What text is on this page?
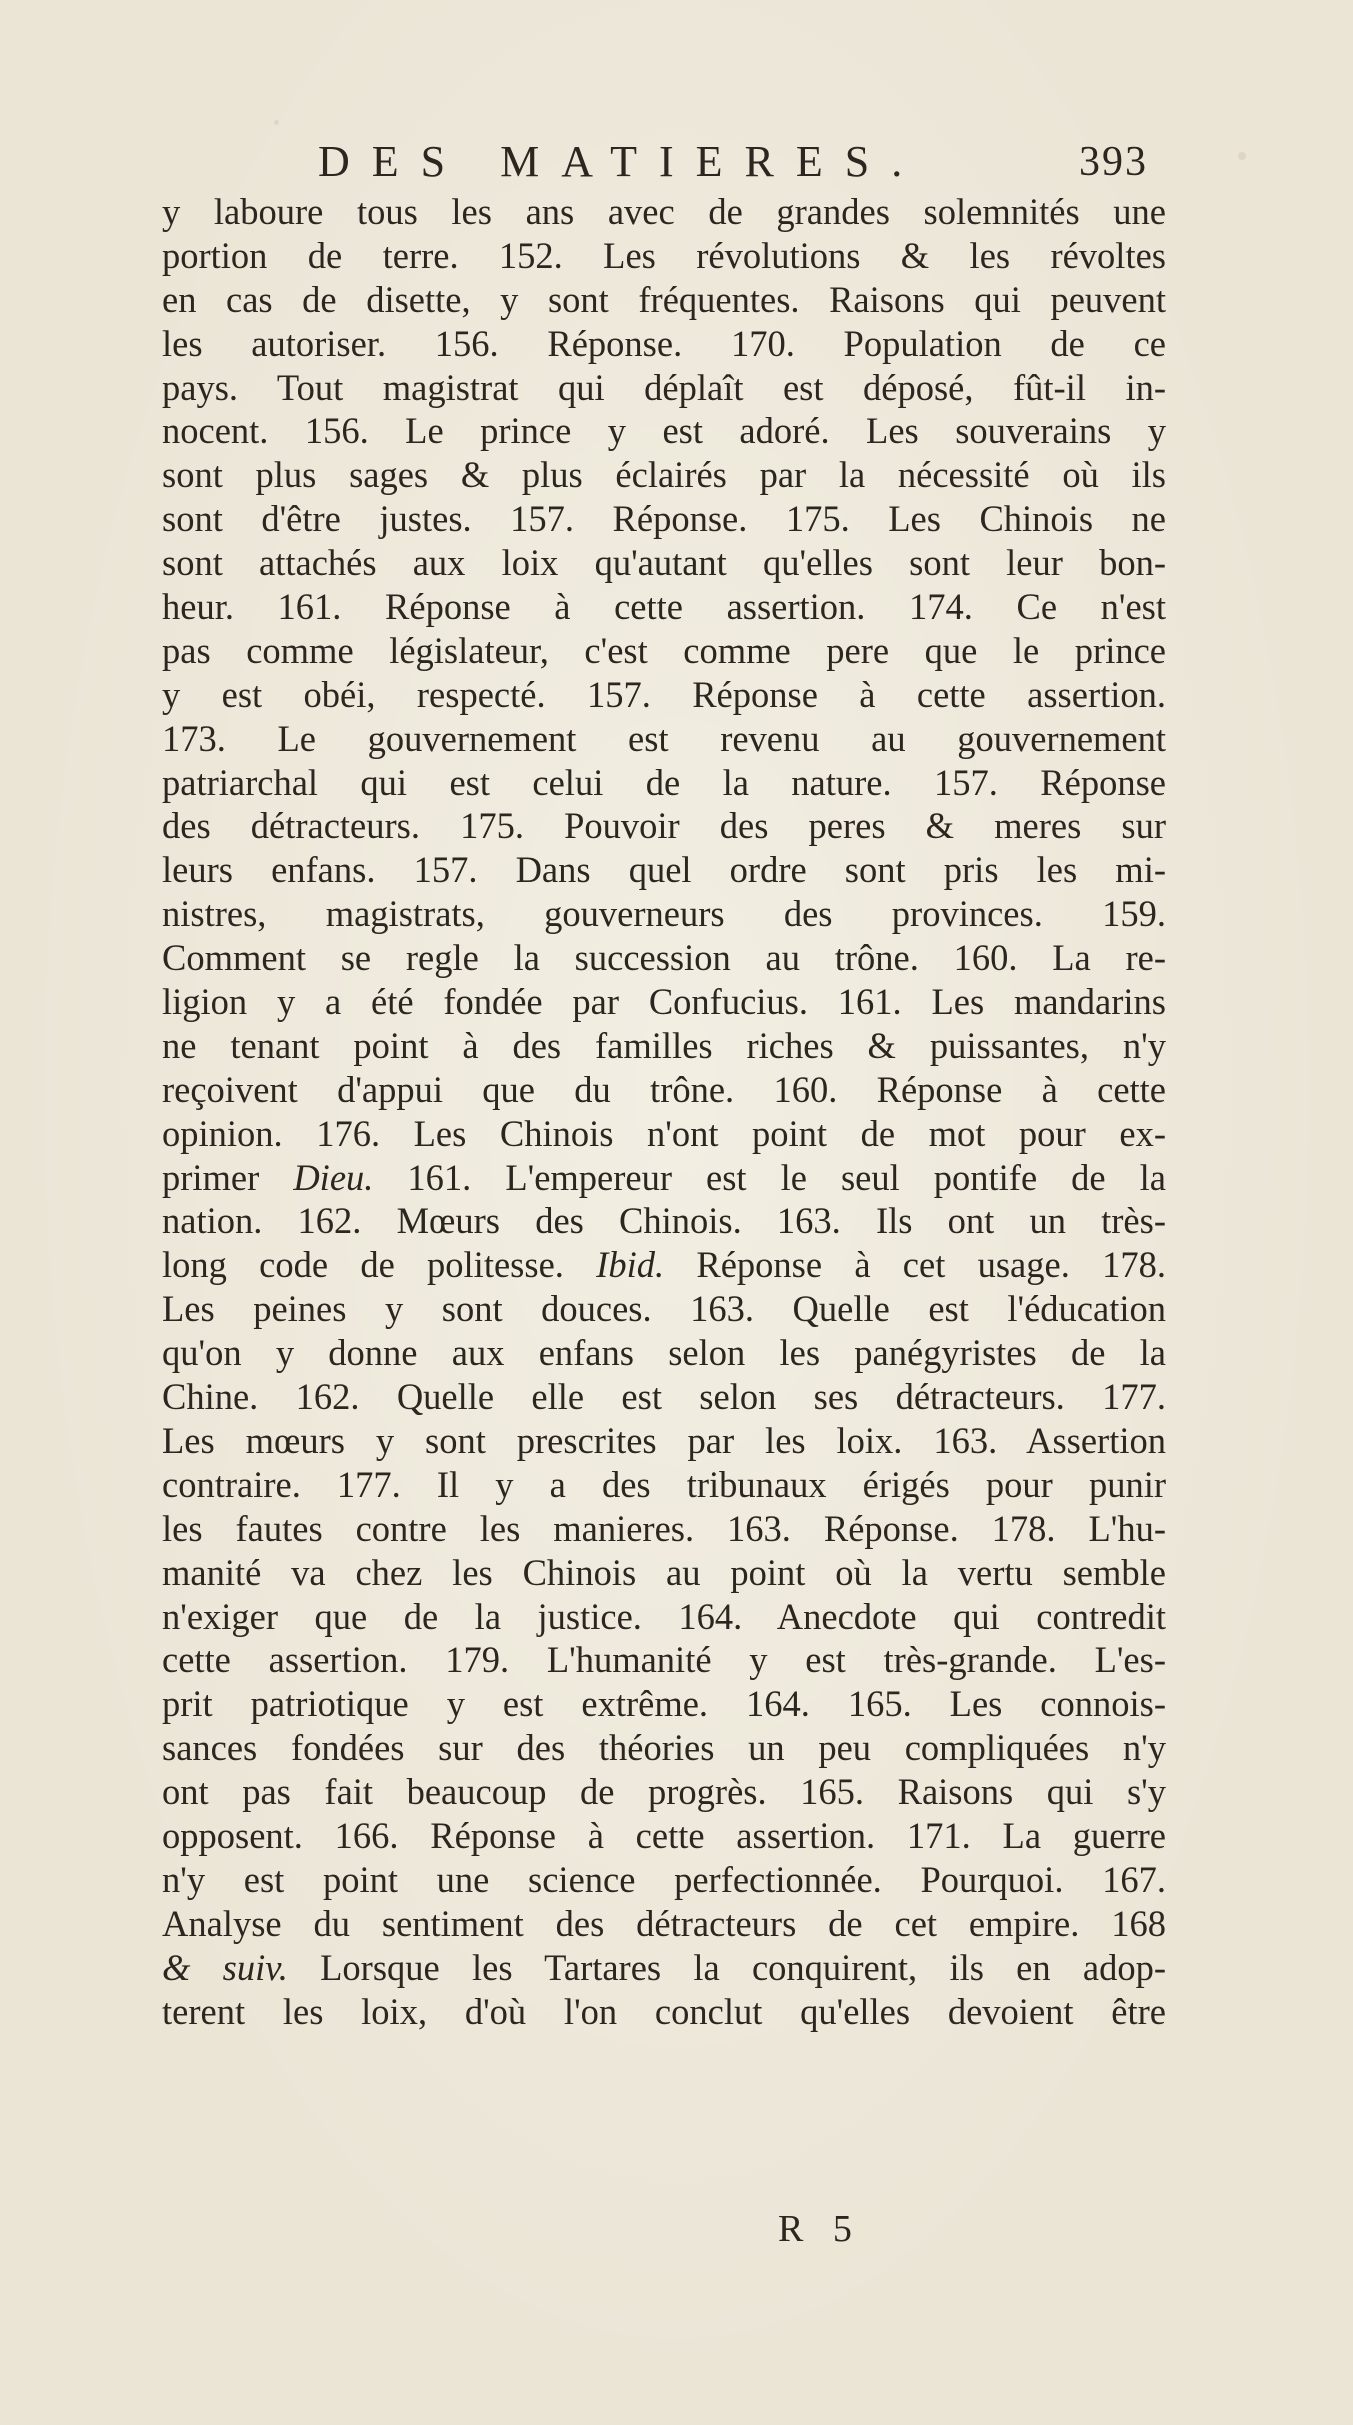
DES MATIERES.	393
y laboure tous les ans avec de grandes solemnités une
portion de terre. 152. Les révolutions & les révoltes
en cas de disette, y sont fréquentes. Raisons qui peuvent
les autoriser. 156. Réponse. 170. Population de ce
pays. Tout magistrat qui déplaît est déposé, fût-il in-
nocent. 156. Le prince y est adoré. Les souverains y
sont plus sages & plus éclairés par la nécessité où ils
sont d'être justes. 157. Réponse. 175. Les Chinois ne
sont attachés aux loix qu'autant qu'elles sont leur bon-
heur. 161. Réponse à cette assertion. 174. Ce n'est
pas comme législateur, c'est comme pere que le prince
y est obéi, respecté. 157. Réponse à cette assertion.
173. Le gouvernement est revenu au gouvernement
patriarchal qui est celui de la nature. 157. Réponse
des détracteurs. 175. Pouvoir des peres & meres sur
leurs enfans. 157. Dans quel ordre sont pris les mi-
nistres, magistrats, gouverneurs des provinces. 159.
Comment se regle la succession au trône. 160. La re-
ligion y a été fondée par Confucius. 161. Les mandarins
ne tenant point à des familles riches & puissantes, n'y
reçoivent d'appui que du trône. 160. Réponse à cette
opinion. 176. Les Chinois n'ont point de mot pour ex-
primer Dieu. 161. L'empereur est le seul pontife de la
nation. 162. Mœurs des Chinois. 163. Ils ont un très-
long code de politesse. Ibid. Réponse à cet usage. 178.
Les peines y sont douces. 163. Quelle est l'éducation
qu'on y donne aux enfans selon les panégyristes de la
Chine. 162. Quelle elle est selon ses détracteurs. 177.
Les mœurs y sont prescrites par les loix. 163. Assertion
contraire. 177. Il y a des tribunaux érigés pour punir
les fautes contre les manieres. 163. Réponse. 178. L'hu-
manité va chez les Chinois au point où la vertu semble
n'exiger que de la justice. 164. Anecdote qui contredit
cette assertion. 179. L'humanité y est très-grande. L'es-
prit patriotique y est extrême. 164. 165. Les connois-
sances fondées sur des théories un peu compliquées n'y
ont pas fait beaucoup de progrès. 165. Raisons qui s'y
opposent. 166. Réponse à cette assertion. 171. La guerre
n'y est point une science perfectionnée. Pourquoi. 167.
Analyse du sentiment des détracteurs de cet empire. 168
& suiv. Lorsque les Tartares la conquirent, ils en adop-
terent les loix, d'où l'on conclut qu'elles devoient être
R 5
